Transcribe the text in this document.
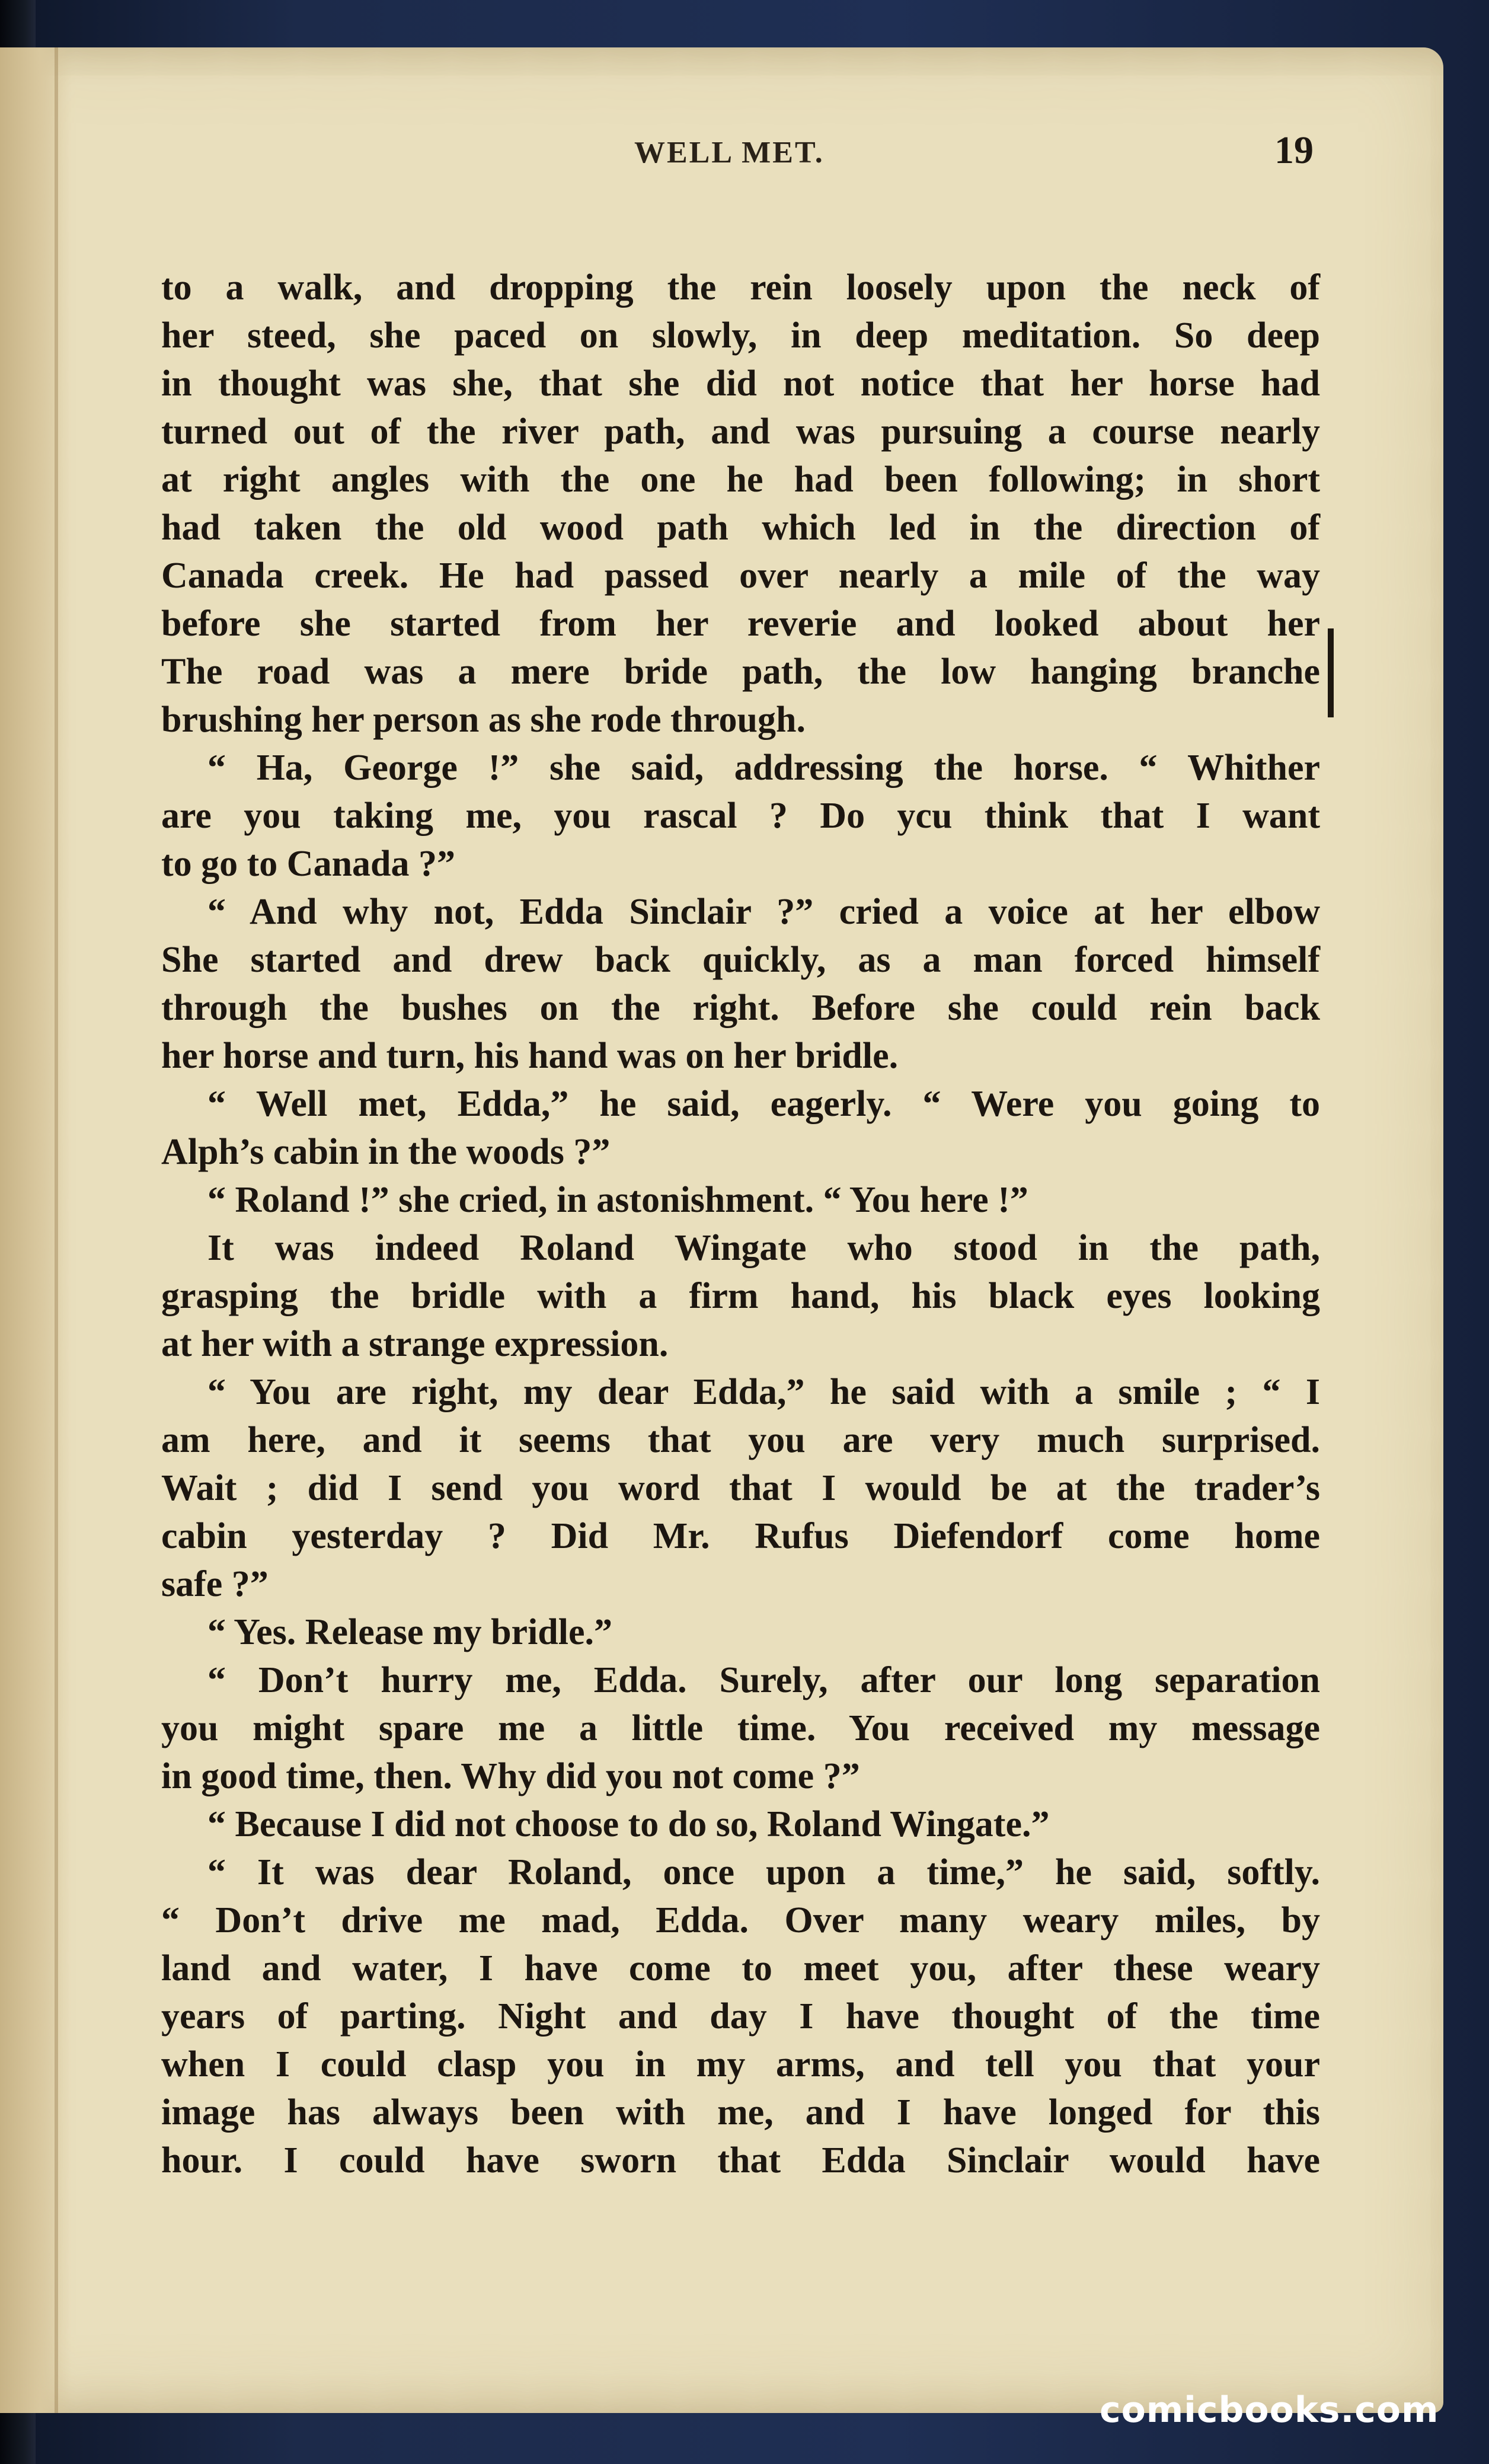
WELL MET.	19
to a walk, and dropping the rein loosely upon the neck of
her steed, she paced on slowly, in deep meditation. So deep
in thought was she, that she did not notice that her horse had
turned out of the river path, and was pursuing a course nearly
at right angles with the one he had been following; in short
had taken the old wood path which led in the direction of
Canada creek. He had passed over nearly a mile of the way
before she started from her reverie and looked about her
The road was a mere bride path, the low hanging branche
brushing her person as she rode through.
“ Ha, George !” she said, addressing the horse. “ Whither
are you taking me, you rascal ? Do ycu think that I want
to go to Canada ?”
“ And why not, Edda Sinclair ?” cried a voice at her elbow
She started and drew back quickly, as a man forced himself
through the bushes on the right. Before she could rein back
her horse and turn, his hand was on her bridle.
“ Well met, Edda,” he said, eagerly. “ Were you going to
Alph’s cabin in the woods ?”
“ Roland !” she cried, in astonishment. “ You here !”
It was indeed Roland Wingate who stood in the path,
grasping the bridle with a firm hand, his black eyes looking
at her with a strange expression.
“ You are right, my dear Edda,” he said with a smile ; “ I
am here, and it seems that you are very much surprised.
Wait ; did I send you word that I would be at the trader’s
cabin yesterday ? Did Mr. Rufus Diefendorf come home
safe ?”
“ Yes. Release my bridle.”
“ Don’t hurry me, Edda. Surely, after our long separation
you might spare me a little time. You received my message
in good time, then. Why did you not come ?”
“ Because I did not choose to do so, Roland Wingate.”
“ It was dear Roland, once upon a time,” he said, softly.
“ Don’t drive me mad, Edda. Over many weary miles, by
land and water, I have come to meet you, after these weary
years of parting. Night and day I have thought of the time
when I could clasp you in my arms, and tell you that your
image has always been with me, and I have longed for this
hour. I could have sworn that Edda Sinclair would have
comicbooks.com
